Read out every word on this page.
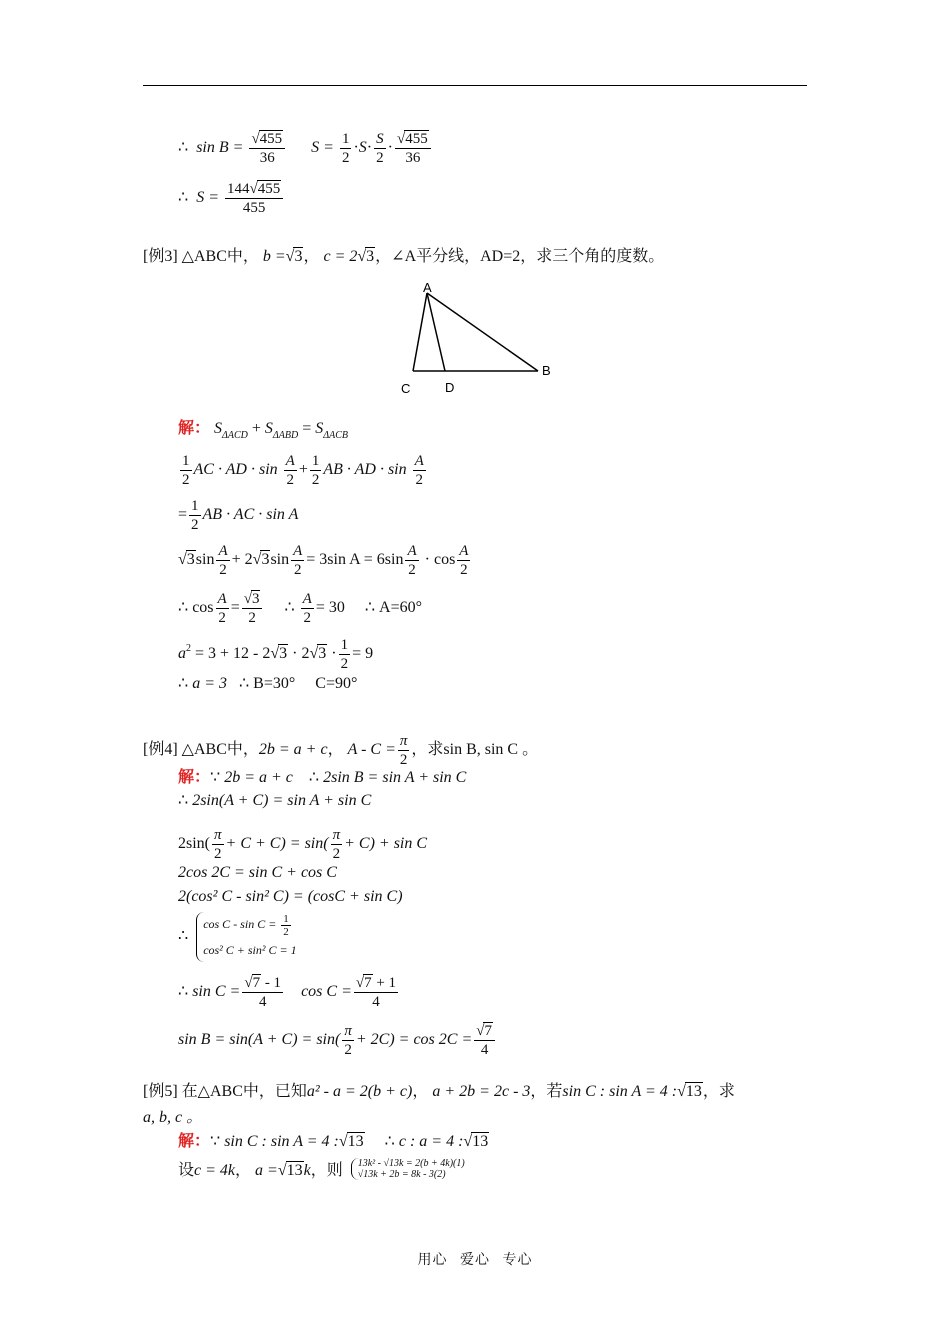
∴ $\sin B = \frac{√455}{36}$ $S = \frac{1}{2} \cdot S\cdot \frac{S}{2} \cdot \frac{√455}{36}$
∴ $S = \frac{144√455}{455}$
[例3] △ABC中， b =√3， c = 2√3，∠A平分线，AD=2，求三个角的度数。
A
B
C	D
解： $S_{\Delta ACD} + S_{\Delta ABD} = S_{\Delta ACB}$
$\frac{1}{2}$ AC · AD · $\sin \frac{A}{2} + \frac{1}{2}$ AB · AD · $\sin \frac{A}{2}$
= $\frac{1}{2}$ AB · AC · sin A
$√3\sin \frac{A}{2} + 2√3\sin \frac{A}{2} = 3\sin$ $A = 6\sin \frac{A}{2} \cdot \cos \frac{A}{2}$
∴ $\cos \frac{A}{2} = \frac{√3}{2}$ ∴ $\frac{A}{2} = 30$ ∴ A=60°
$a^2 = 3 + 12 - 2√3 \cdot 2√3 \cdot \frac{1}{2} = 9$
∴ a = 3 ∴ B=30°　 C=90°
[例4] △ABC中，2b = a + c， $A - C = \frac{\pi}{2}$ ，求sin B, sin C 。
解：∵ 2b = a + c ∴ 2sin B = sin A + sin C
∴ 2sin(A + C) = sin A + sin C
$2\sin( \frac{\pi}{2} + C + C) = \sin( \frac{\pi}{2} + C) + \sin C$
2cos 2C = sin C + cos C
2(cos² C - sin² C) = (cosC + sin C)
∴ $\cos C - \sin C = \frac{1}{2}$

cos² C + sin² C = 1
∴ $\sin C = \frac{√7 - 1}{4}$ $\cos C = \frac{√7 + 1}{4}$
$\sin B = \sin(A + C) = \sin( \frac{\pi}{2} + 2C) = \cos 2C = \frac{√7}{4}$
[例5] 在△ABC中，已知a² - a = 2(b + c)， a + 2b = 2c - 3，若sin C : sin A = 4 :√13，求
a, b, c 。
解：∵ sin C : sin A = 4 :√13 ∴ c : a = 4 :√13
设c = 4k， a =√13k，则 13k² - √13k = 2(b + 4k)(1)
√13k + 2b = 8k - 3(2)
用心 爱心 专心
